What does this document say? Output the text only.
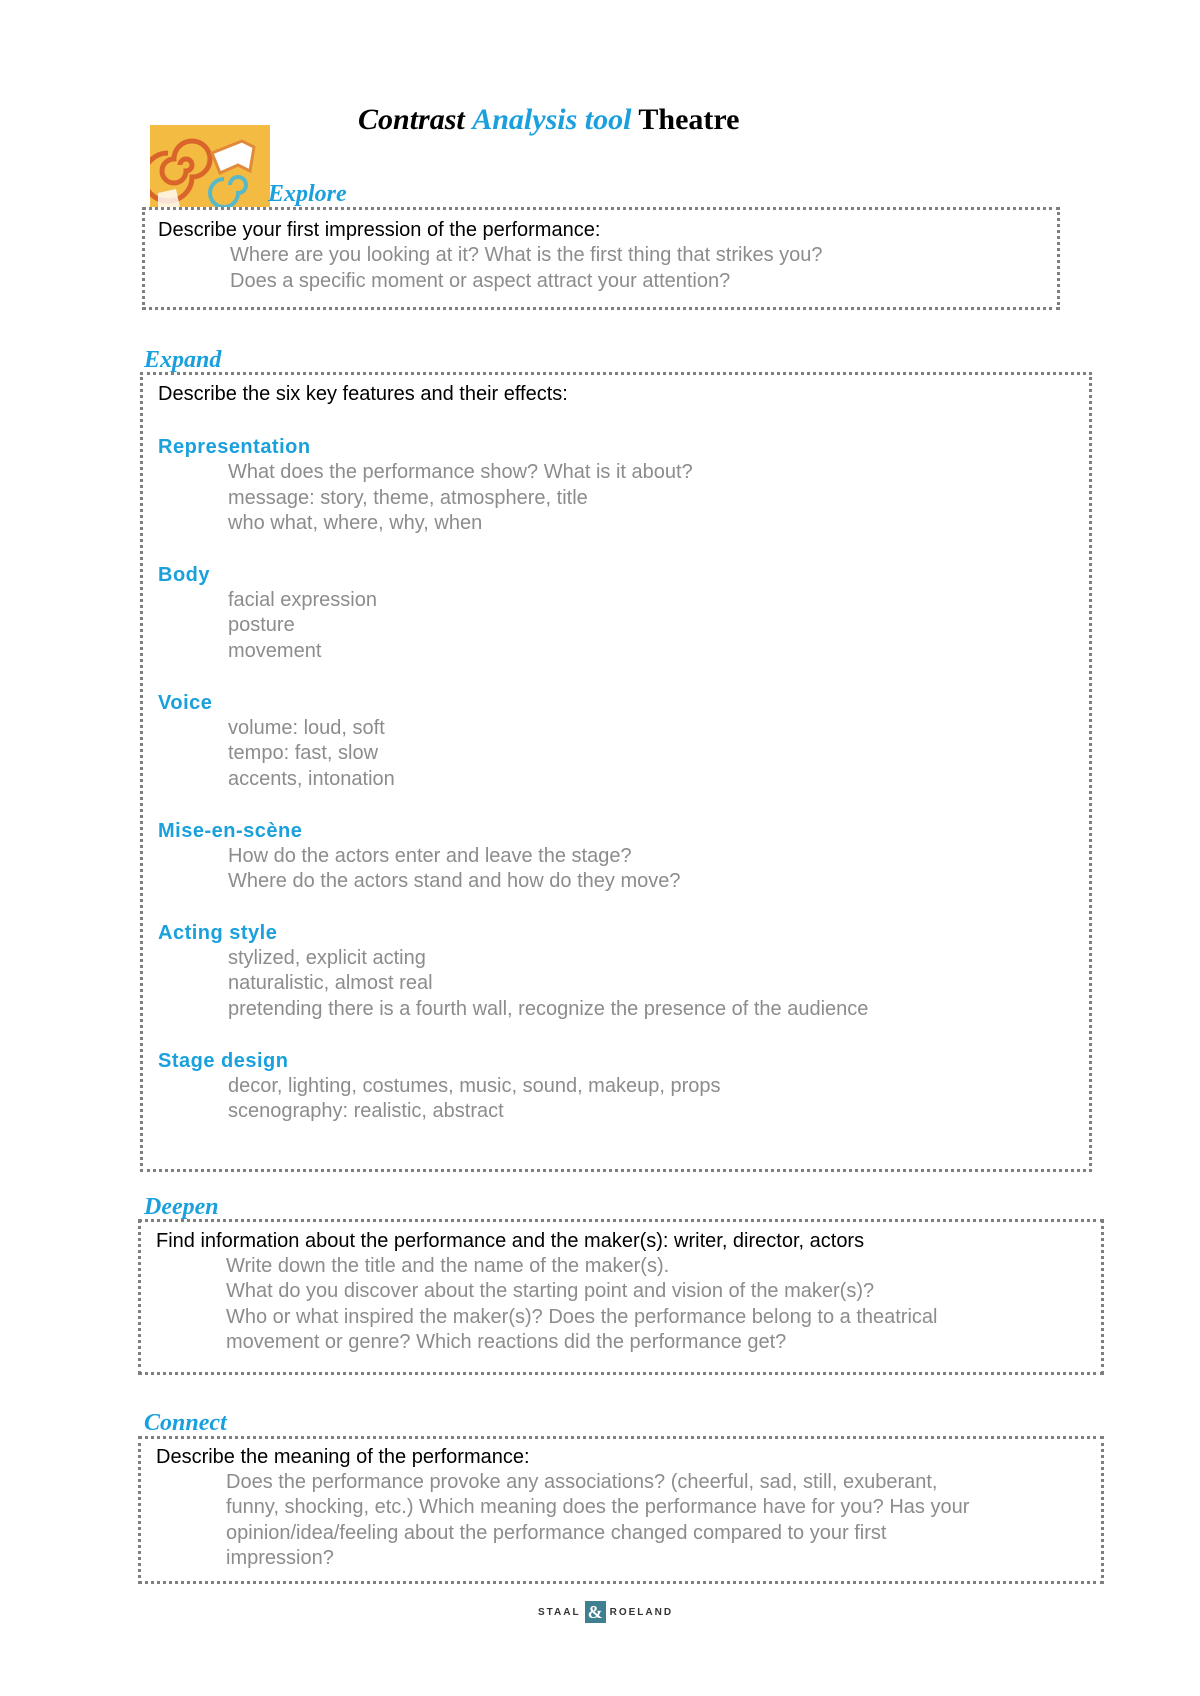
Contrast Analysis tool Theatre
Explore
Describe your first impression of the performance:
Where are you looking at it? What is the first thing that strikes you?
Does a specific moment or aspect attract your attention?
Expand
Describe the six key features and their effects:
Representation
What does the performance show? What is it about?
message: story, theme, atmosphere, title
who what, where, why, when
Body
facial expression
posture
movement
Voice
volume: loud, soft
tempo: fast, slow
accents, intonation
Mise-en-scène
How do the actors enter and leave the stage?
Where do the actors stand and how do they move?
Acting style
stylized, explicit acting
naturalistic, almost real
pretending there is a fourth wall, recognize the presence of the audience
Stage design
decor, lighting, costumes, music, sound, makeup, props
scenography: realistic, abstract
Deepen
Find information about the performance and the maker(s): writer, director, actors
Write down the title and the name of the maker(s).
What do you discover about the starting point and vision of the maker(s)?
Who or what inspired the maker(s)? Does the performance belong to a theatrical
movement or genre? Which reactions did the performance get?
Connect
Describe the meaning of the performance:
Does the performance provoke any associations? (cheerful, sad, still, exuberant,
funny, shocking, etc.) Which meaning does the performance have for you? Has your
opinion/idea/feeling about the performance changed compared to your first
impression?
STAAL & ROELAND
